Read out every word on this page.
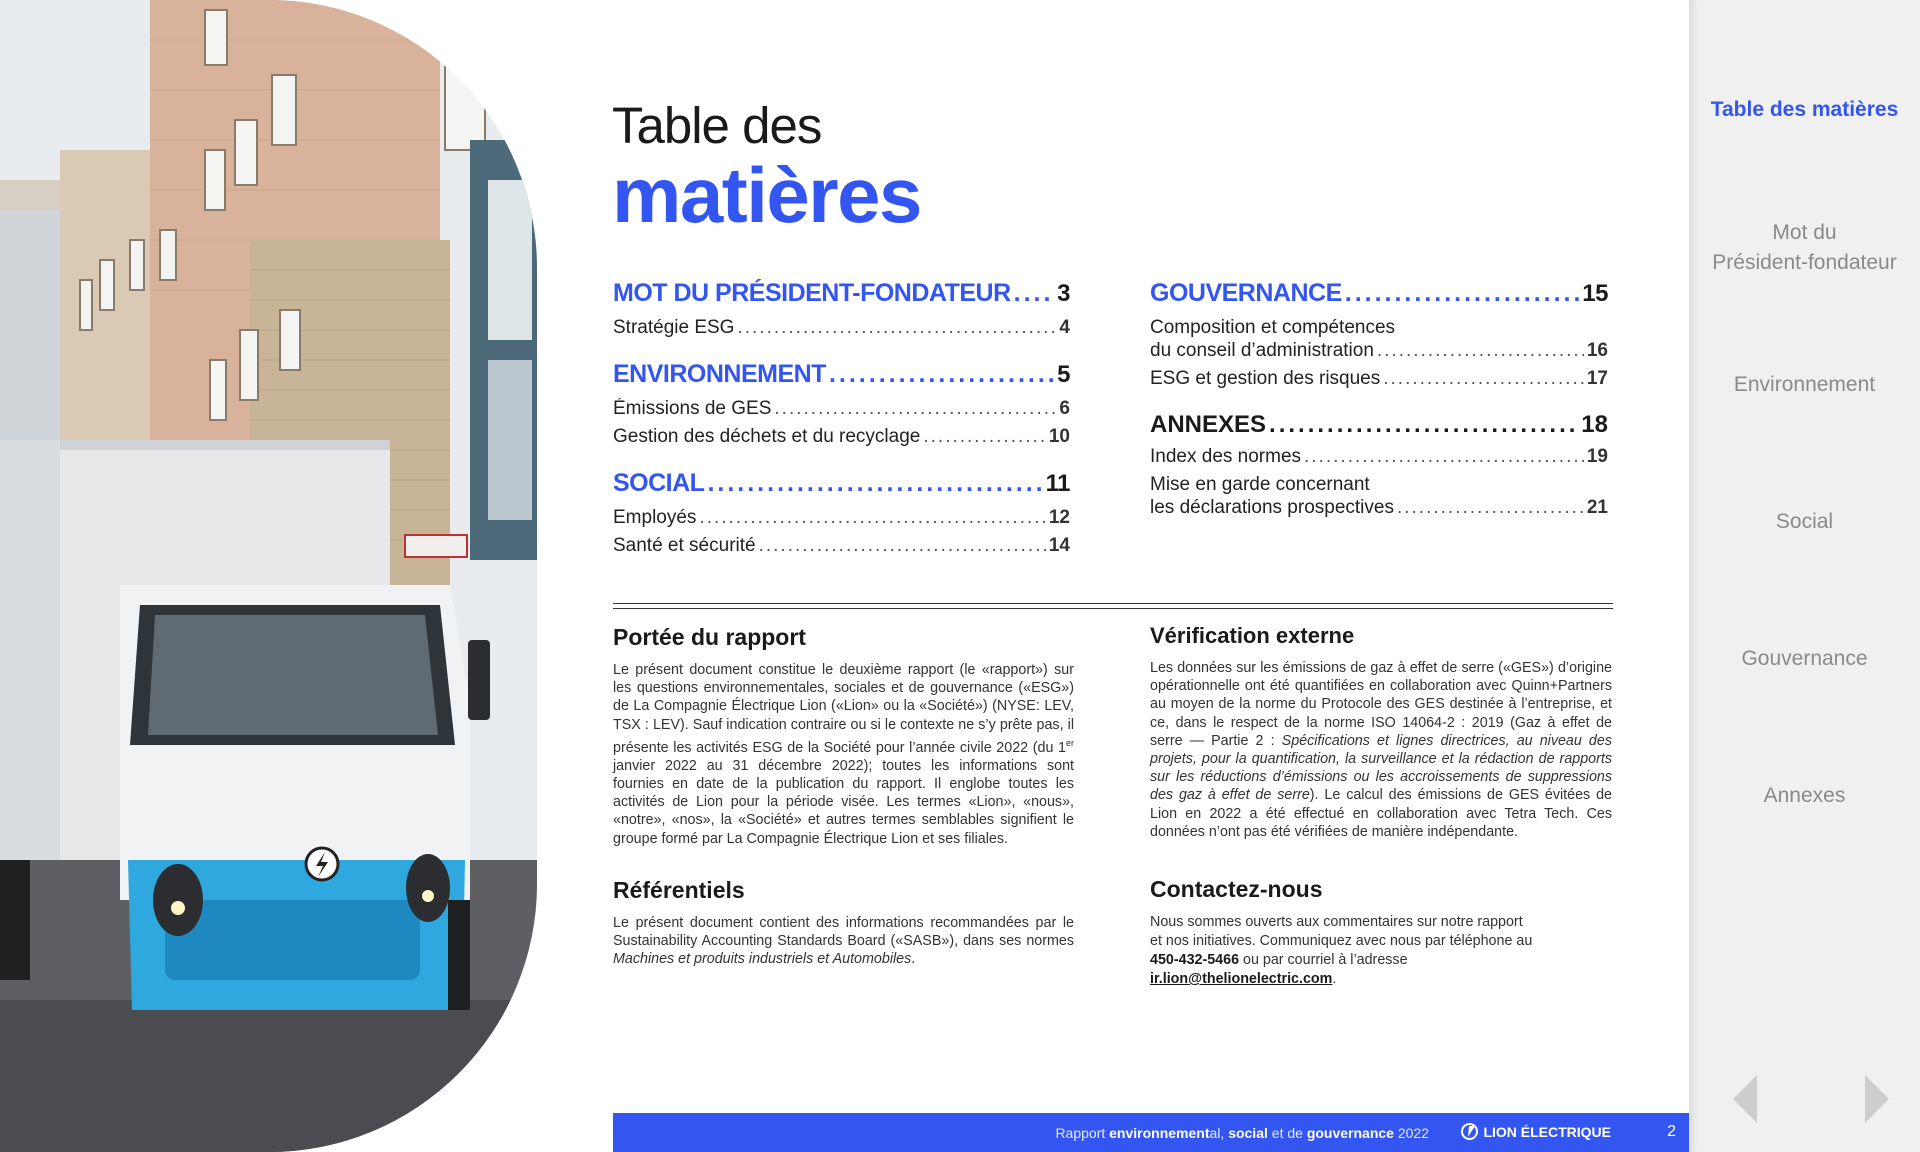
Table des
matières
MOT DU PRÉSIDENT-FONDATEUR ..... 3
Stratégie ESG .....	4
ENVIRONNEMENT .....	5
Émissions de GES .....	6
Gestion des déchets et du recyclage .....	10
SOCIAL .....	11
Employés .....	12
Santé et sécurité .....	14
GOUVERNANCE .....	15
Composition et compétences
du conseil d’administration .....	16
ESG et gestion des risques .....	17
ANNEXES .....	18
Index des normes .....	19
Mise en garde concernant
les déclarations prospectives .....	21
Portée du rapport
Le présent document constitue le deuxième rapport (le «rapport») sur les questions environnementales, sociales et de gouvernance («ESG») de La Compagnie Électrique Lion («Lion» ou la «Société») (NYSE: LEV, TSX : LEV). Sauf indication contraire ou si le contexte ne s’y prête pas, il présente les activités ESG de la Société pour l’année civile 2022 (du 1er janvier 2022 au 31 décembre 2022); toutes les informations sont fournies en date de la publication du rapport. Il englobe toutes les activités de Lion pour la période visée. Les termes «Lion», «nous», «notre», «nos», la «Société» et autres termes semblables signifient le groupe formé par La Compagnie Électrique Lion et ses filiales.
Référentiels
Le présent document contient des informations recommandées par le Sustainability Accounting Standards Board («SASB»), dans ses normes Machines et produits industriels et Automobiles.
Vérification externe
Les données sur les émissions de gaz à effet de serre («GES») d’origine opérationnelle ont été quantifiées en collaboration avec Quinn+Partners au moyen de la norme du Protocole des GES destinée à l’entreprise, et ce, dans le respect de la norme ISO 14064-2 : 2019 (Gaz à effet de serre — Partie 2 : Spécifications et lignes directrices, au niveau des projets, pour la quantification, la surveillance et la rédaction de rapports sur les réductions d’émissions ou les accroissements de suppressions des gaz à effet de serre). Le calcul des émissions de GES évitées de Lion en 2022 a été effectué en collaboration avec Tetra Tech. Ces données n’ont pas été vérifiées de manière indépendante.
Contactez-nous
Nous sommes ouverts aux commentaires sur notre rapport
et nos initiatives. Communiquez avec nous par téléphone au
450-432-5466 ou par courriel à l’adresse
ir.lion@thelionelectric.com.
Rapport environnemental, social et de gouvernance 2022	LION ÉLECTRIQUE	2
Table des matières
Mot du
Président-fondateur
Environnement
Social
Gouvernance
Annexes
